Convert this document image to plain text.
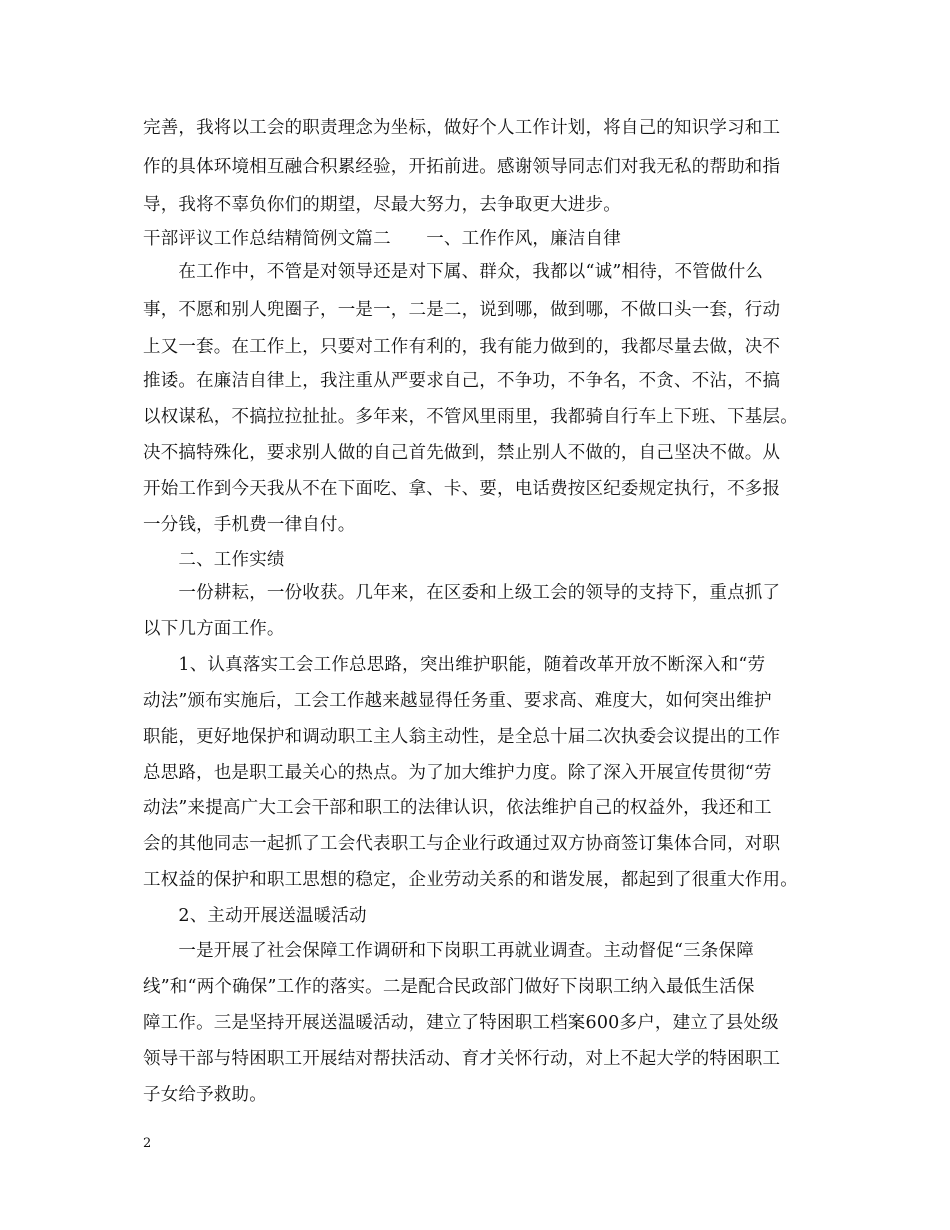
完善，我将以工会的职责理念为坐标，做好个人工作计划，将自己的知识学习和工
作的具体环境相互融合积累经验，开拓前进。感谢领导同志们对我无私的帮助和指
导，我将不辜负你们的期望，尽最大努力，去争取更大进步。
干部评议工作总结精简例文篇二　　一、工作作风，廉洁自律
　　在工作中，不管是对领导还是对下属、群众，我都以“诚”相待，不管做什么
事，不愿和别人兜圈子，一是一，二是二，说到哪，做到哪，不做口头一套，行动
上又一套。在工作上，只要对工作有利的，我有能力做到的，我都尽量去做，决不
推诿。在廉洁自律上，我注重从严要求自己，不争功，不争名，不贪、不沾，不搞
以权谋私，不搞拉拉扯扯。多年来，不管风里雨里，我都骑自行车上下班、下基层。
决不搞特殊化，要求别人做的自己首先做到，禁止别人不做的，自己坚决不做。从
开始工作到今天我从不在下面吃、拿、卡、要，电话费按区纪委规定执行，不多报
一分钱，手机费一律自付。
　　二、工作实绩
　　一份耕耘，一份收获。几年来，在区委和上级工会的领导的支持下，重点抓了
以下几方面工作。
　　1、认真落实工会工作总思路，突出维护职能，随着改革开放不断深入和“劳
动法”颁布实施后，工会工作越来越显得任务重、要求高、难度大，如何突出维护
职能，更好地保护和调动职工主人翁主动性，是全总十届二次执委会议提出的工作
总思路，也是职工最关心的热点。为了加大维护力度。除了深入开展宣传贯彻“劳
动法”来提高广大工会干部和职工的法律认识，依法维护自己的权益外，我还和工
会的其他同志一起抓了工会代表职工与企业行政通过双方协商签订集体合同，对职
工权益的保护和职工思想的稳定，企业劳动关系的和谐发展，都起到了很重大作用。
　　2、主动开展送温暖活动
　　一是开展了社会保障工作调研和下岗职工再就业调查。主动督促“三条保障
线”和“两个确保”工作的落实。二是配合民政部门做好下岗职工纳入最低生活保
障工作。三是坚持开展送温暖活动，建立了特困职工档案600多户，建立了县处级
领导干部与特困职工开展结对帮扶活动、育才关怀行动，对上不起大学的特困职工
子女给予救助。
2
